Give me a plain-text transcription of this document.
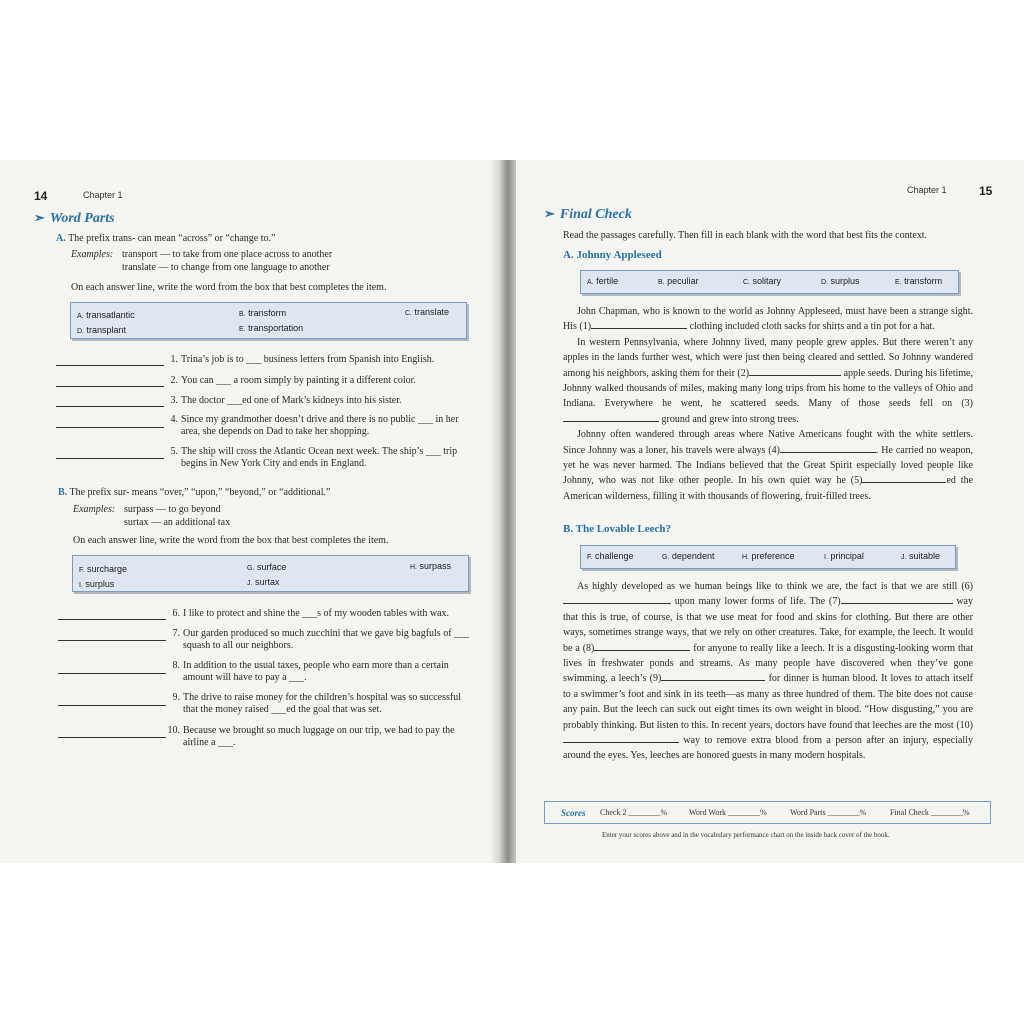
14	Chapter 1
➣ Word Parts
A. The prefix trans- can mean “across” or “change to.”
Examples: transport — to take from one place across to another
translate — to change from one language to another
On each answer line, write the word from the box that best completes the item.
A. transatlantic	B. transform	C. translate
D. transplant	E. transportation
1. Trina’s job is to ___ business letters from Spanish into English.
2. You can ___ a room simply by painting it a different color.
3. The doctor ___ed one of Mark’s kidneys into his sister.
4. Since my grandmother doesn’t drive and there is no public ___ in her
area, she depends on Dad to take her shopping.
5. The ship will cross the Atlantic Ocean next week. The ship’s ___ trip
begins in New York City and ends in England.
B. The prefix sur- means “over,” “upon,” “beyond,” or “additional.”
Examples: surpass — to go beyond
surtax — an additional tax
On each answer line, write the word from the box that best completes the item.
F. surcharge	G. surface	H. surpass
I. surplus	J. surtax
6. I like to protect and shine the ___s of my wooden tables with wax.
7. Our garden produced so much zucchini that we gave big bagfuls of ___
squash to all our neighbors.
8. In addition to the usual taxes, people who earn more than a certain
amount will have to pay a ___.
9. The drive to raise money for the children’s hospital was so successful
that the money raised ___ed the goal that was set.
10. Because we brought so much luggage on our trip, we had to pay the
airline a ___.
Chapter 1	15
➣ Final Check
Read the passages carefully. Then fill in each blank with the word that best fits the context.
A. Johnny Appleseed
A. fertile	B. peculiar	C. solitary	D. surplus	E. transform

John Chapman, who is known to the world as Johnny Appleseed, must have been a strange sight. His (1)	clothing included cloth sacks for shirts and a tin pot for a hat.

In western Pennsylvania, where Johnny lived, many people grew apples. But there weren’t any apples in the lands further west, which were just then being cleared and settled. So Johnny wandered among his neighbors, asking them for their (2)	apple seeds. During his lifetime, Johnny walked thousands of miles, making many long trips from his home to the valleys of Ohio and Indiana. Everywhere he went, he scattered seeds. Many of those seeds fell on (3) ground and grew into strong trees.

Johnny often wandered through areas where Native Americans fought with the white settlers. Since Johnny was a loner, his travels were always (4)	. He carried no weapon, yet he was never harmed. The Indians believed that the Great Spirit especially loved people like Johnny, who was not like other people. In his own quiet way he (5)	ed the American wilderness, filling it with thousands of flowering, fruit-filled trees.

B. The Lovable Leech?
F. challenge	G. dependent	H. preference	I. principal	J. suitable

As highly developed as we human beings like to think we are, the fact is that we are still (6) upon many lower forms of life. The (7)	way that this is true, of course, is that we use meat for food and skins for clothing. But there are other ways, sometimes strange ways, that we rely on other creatures. Take, for example, the leech. It would be a (8)	for anyone to really like a leech. It is a disgusting-looking worm that lives in freshwater ponds and streams. As many people have discovered when they’ve gone swimming, a leech’s (9)	for dinner is human blood. It loves to attach itself to a swimmer’s foot and sink in its teeth—as many as three hundred of them. The bite does not cause any pain. But the leech can suck out eight times its own weight in blood. “How disgusting,” you are probably thinking. But listen to this. In recent years, doctors have found that leeches are the most (10) way to remove extra blood from a person after an injury, especially around the eyes. Yes, leeches are honored guests in many modern hospitals.

Scores Check 2 ________%	Word Work ________%	Word Parts ________%	Final Check ________%
Enter your scores above and in the vocabulary performance chart on the inside back cover of the book.
